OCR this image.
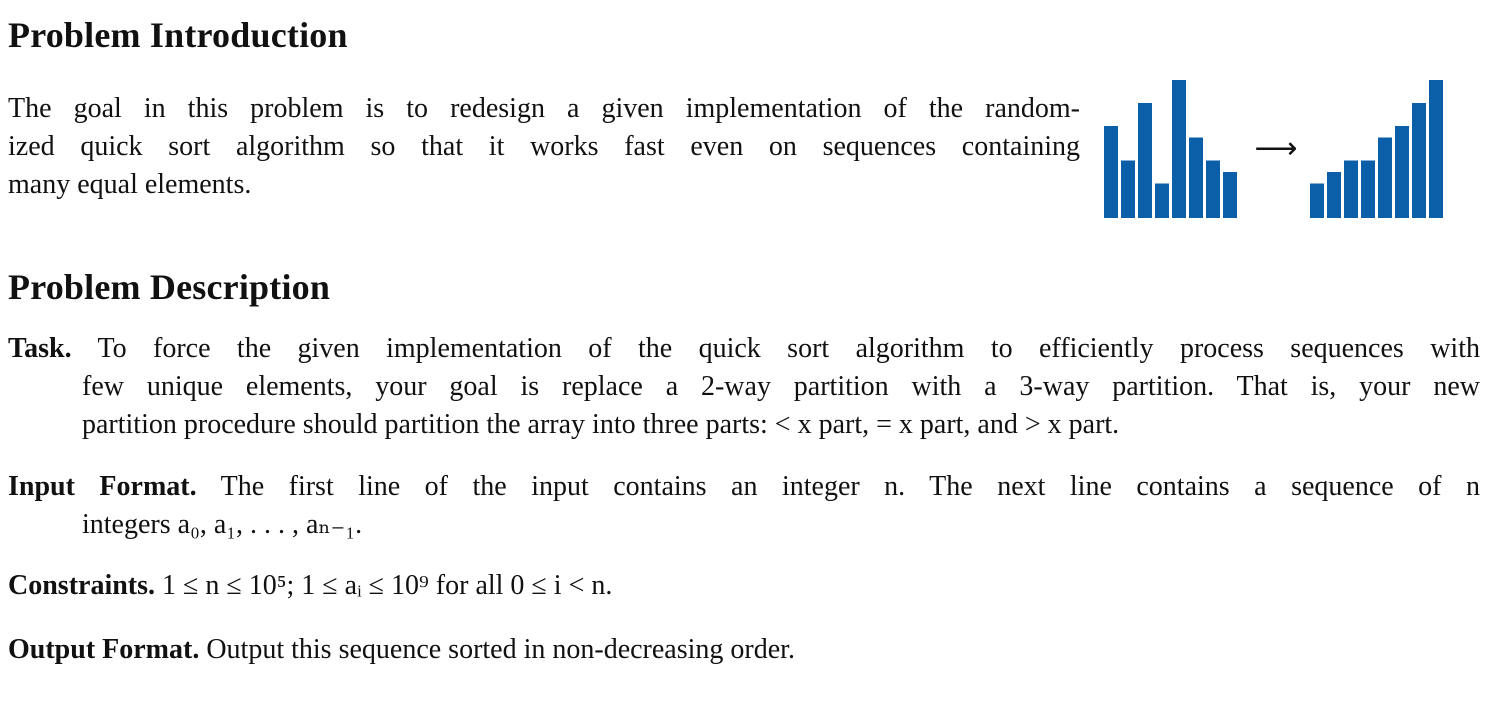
Problem Introduction
The goal in this problem is to redesign a given implementation of the random-
ized quick sort algorithm so that it works fast even on sequences containing
many equal elements.
⟶
Problem Description
Task. To force the given implementation of the quick sort algorithm to efficiently process sequences with
few unique elements, your goal is replace a 2-way partition with a 3-way partition. That is, your new
partition procedure should partition the array into three parts: < x part, = x part, and > x part.
Input Format. The first line of the input contains an integer n. The next line contains a sequence of n
integers a₀, a₁, . . . , aₙ₋₁.
Constraints. 1 ≤ n ≤ 10⁵; 1 ≤ aᵢ ≤ 10⁹ for all 0 ≤ i < n.
Output Format. Output this sequence sorted in non-decreasing order.
